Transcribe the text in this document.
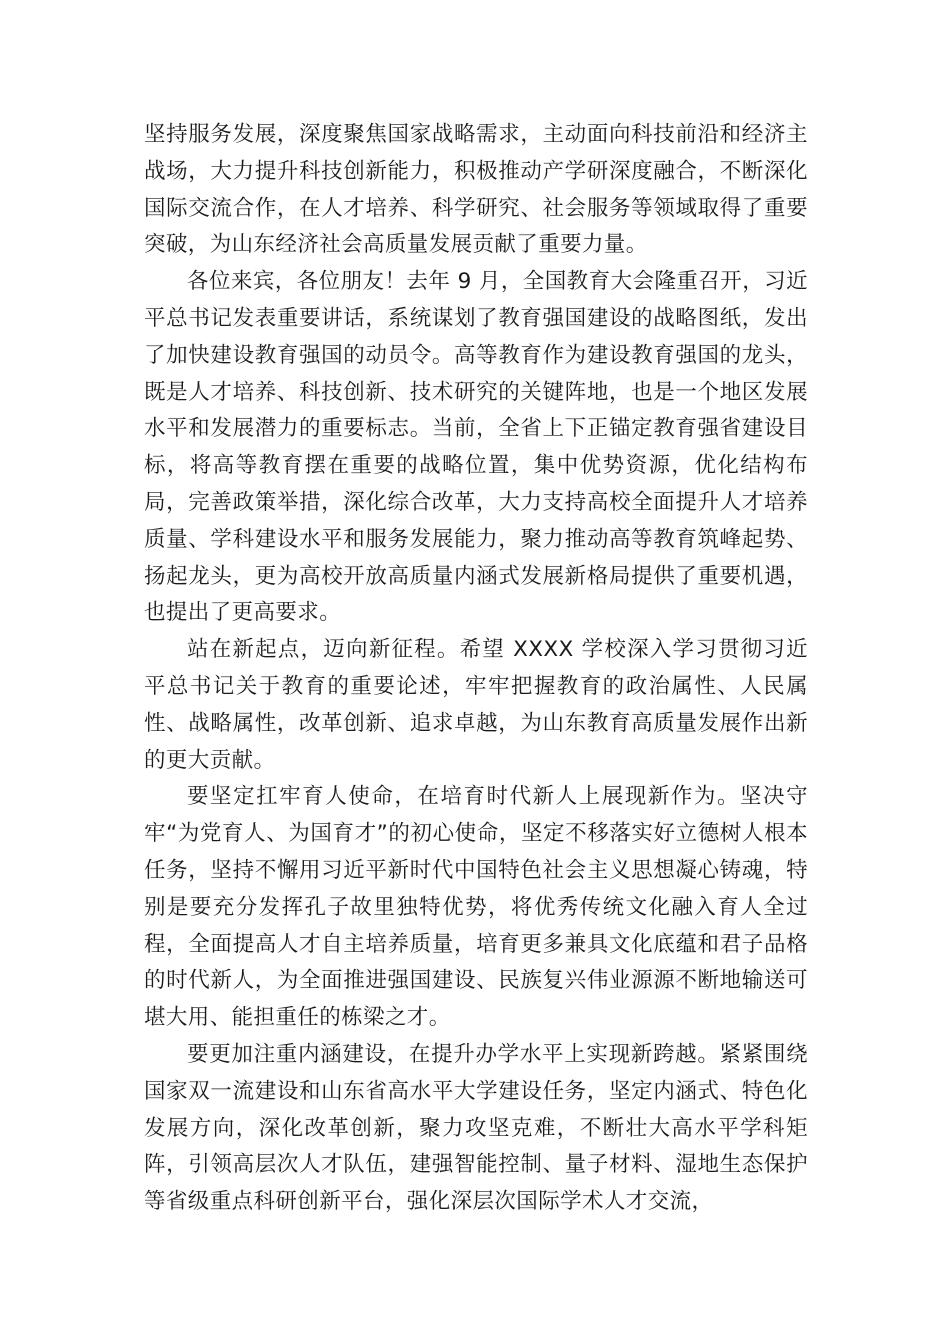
坚持服务发展，深度聚焦国家战略需求，主动面向科技前沿和经济主战场，大力提升科技创新能力，积极推动产学研深度融合，不断深化国际交流合作，在人才培养、科学研究、社会服务等领域取得了重要突破，为山东经济社会高质量发展贡献了重要力量。

各位来宾，各位朋友！去年 9 月，全国教育大会隆重召开，习近平总书记发表重要讲话，系统谋划了教育强国建设的战略图纸，发出了加快建设教育强国的动员令。高等教育作为建设教育强国的龙头，既是人才培养、科技创新、技术研究的关键阵地，也是一个地区发展水平和发展潜力的重要标志。当前，全省上下正锚定教育强省建设目标，将高等教育摆在重要的战略位置，集中优势资源，优化结构布局，完善政策举措，深化综合改革，大力支持高校全面提升人才培养质量、学科建设水平和服务发展能力，聚力推动高等教育筑峰起势、扬起龙头，更为高校开放高质量内涵式发展新格局提供了重要机遇，也提出了更高要求。

站在新起点，迈向新征程。希望 XXXX 学校深入学习贯彻习近平总书记关于教育的重要论述，牢牢把握教育的政治属性、人民属性、战略属性，改革创新、追求卓越，为山东教育高质量发展作出新的更大贡献。

要坚定扛牢育人使命，在培育时代新人上展现新作为。坚决守牢“为党育人、为国育才”的初心使命，坚定不移落实好立德树人根本任务，坚持不懈用习近平新时代中国特色社会主义思想凝心铸魂，特别是要充分发挥孔子故里独特优势，将优秀传统文化融入育人全过程，全面提高人才自主培养质量，培育更多兼具文化底蕴和君子品格的时代新人，为全面推进强国建设、民族复兴伟业源源不断地输送可堪大用、能担重任的栋梁之才。

要更加注重内涵建设，在提升办学水平上实现新跨越。紧紧围绕国家双一流建设和山东省高水平大学建设任务，坚定内涵式、特色化发展方向，深化改革创新，聚力攻坚克难，不断壮大高水平学科矩阵，引领高层次人才队伍，建强智能控制、量子材料、湿地生态保护等省级重点科研创新平台，强化深层次国际学术人才交流，
